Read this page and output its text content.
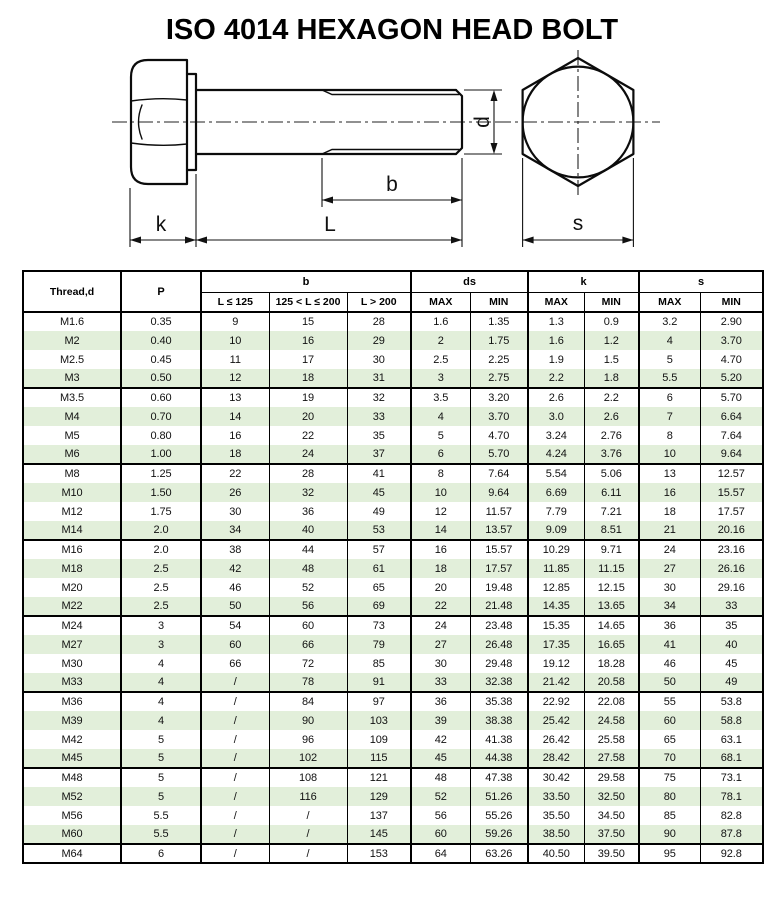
ISO 4014 HEXAGON HEAD BOLT
d
b
k	L	s
Thread,d	P	b			ds		k		s	
		L ≤ 125	125 < L ≤ 200	L > 200	MAX	MIN	MAX	MIN	MAX	MIN
M1.6	0.35	9	15	28	1.6	1.35	1.3	0.9	3.2	2.90
M2	0.40	10	16	29	2	1.75	1.6	1.2	4	3.70
M2.5	0.45	11	17	30	2.5	2.25	1.9	1.5	5	4.70
M3	0.50	12	18	31	3	2.75	2.2	1.8	5.5	5.20
M3.5	0.60	13	19	32	3.5	3.20	2.6	2.2	6	5.70
M4	0.70	14	20	33	4	3.70	3.0	2.6	7	6.64
M5	0.80	16	22	35	5	4.70	3.24	2.76	8	7.64
M6	1.00	18	24	37	6	5.70	4.24	3.76	10	9.64
M8	1.25	22	28	41	8	7.64	5.54	5.06	13	12.57
M10	1.50	26	32	45	10	9.64	6.69	6.11	16	15.57
M12	1.75	30	36	49	12	11.57	7.79	7.21	18	17.57
M14	2.0	34	40	53	14	13.57	9.09	8.51	21	20.16
M16	2.0	38	44	57	16	15.57	10.29	9.71	24	23.16
M18	2.5	42	48	61	18	17.57	11.85	11.15	27	26.16
M20	2.5	46	52	65	20	19.48	12.85	12.15	30	29.16
M22	2.5	50	56	69	22	21.48	14.35	13.65	34	33
M24	3	54	60	73	24	23.48	15.35	14.65	36	35
M27	3	60	66	79	27	26.48	17.35	16.65	41	40
M30	4	66	72	85	30	29.48	19.12	18.28	46	45
M33	4	/	78	91	33	32.38	21.42	20.58	50	49
M36	4	/	84	97	36	35.38	22.92	22.08	55	53.8
M39	4	/	90	103	39	38.38	25.42	24.58	60	58.8
M42	5	/	96	109	42	41.38	26.42	25.58	65	63.1
M45	5	/	102	115	45	44.38	28.42	27.58	70	68.1
M48	5	/	108	121	48	47.38	30.42	29.58	75	73.1
M52	5	/	116	129	52	51.26	33.50	32.50	80	78.1
M56	5.5	/	/	137	56	55.26	35.50	34.50	85	82.8
M60	5.5	/	/	145	60	59.26	38.50	37.50	90	87.8
M64	6	/	/	153	64	63.26	40.50	39.50	95	92.8
